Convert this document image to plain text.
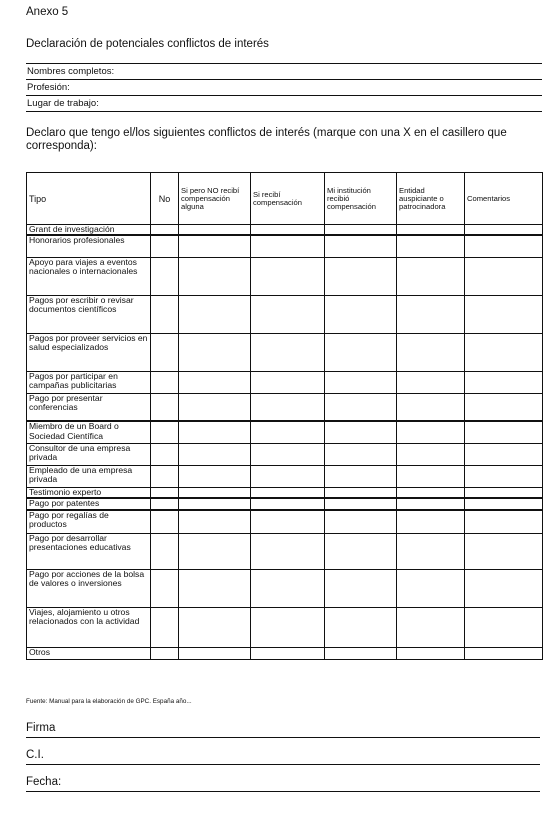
Anexo 5
Declaración de potenciales conflictos de interés
Nombres completos:
Profesión:
Lugar de trabajo:
Declaro que tengo el/los siguientes conflictos de interés (marque con una X en el casillero que corresponda):
Tipo	No	Si pero NO recibí compensación alguna	Si recibí compensación	Mi institución recibió compensación	Entidad auspiciante o patrocinadora	Comentarios
Grant de investigación						
Honorarios profesionales						
Apoyo para viajes a eventos nacionales o internacionales						
Pagos por escribir o revisar documentos científicos						
Pagos por proveer servicios en salud especializados						
Pagos por participar en campañas publicitarias						
Pago por presentar conferencias						
Miembro de un Board o Sociedad Científica						
Consultor de una empresa privada						
Empleado de una empresa privada						
Testimonio experto						
Pago por patentes						
Pago por regalías de productos						
Pago por desarrollar presentaciones educativas						
Pago por acciones de la bolsa de valores o inversiones						
Viajes, alojamiento u otros relacionados con la actividad						
Otros						
Fuente: Manual para la elaboración de GPC. España año...
Firma
C.I.
Fecha:
